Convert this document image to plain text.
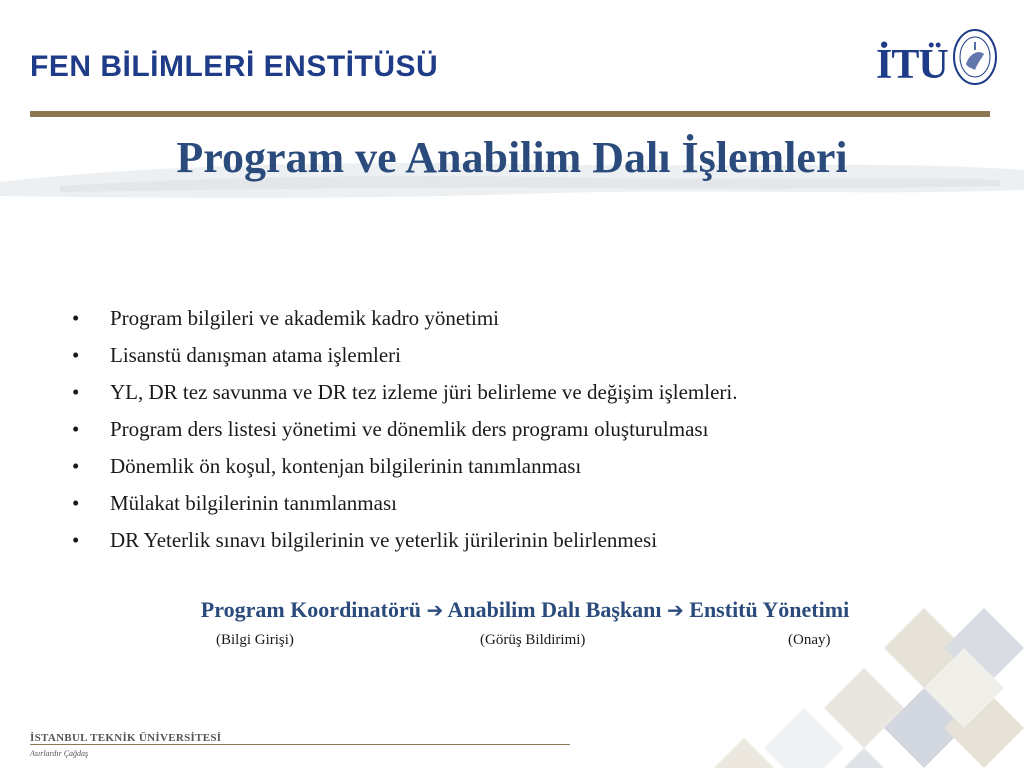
FEN BİLİMLERİ ENSTİTÜSÜ	İTÜ
Program ve Anabilim Dalı İşlemleri
• Program bilgileri ve akademik kadro yönetimi
• Lisanstü danışman atama işlemleri
• YL, DR tez savunma ve DR tez izleme jüri belirleme ve değişim işlemleri.
• Program ders listesi yönetimi ve dönemlik ders programı oluşturulması
• Dönemlik ön koşul, kontenjan bilgilerinin tanımlanması
• Mülakat bilgilerinin tanımlanması
• DR Yeterlik sınavı bilgilerinin ve yeterlik jürilerinin belirlenmesi
Program Koordinatörü ➔ Anabilim Dalı Başkanı ➔ Enstitü Yönetimi
(Bilgi Girişi)	(Görüş Bildirimi)	(Onay)
İSTANBUL TEKNİK ÜNİVERSİTESİ
Asırlardır Çağdaş
